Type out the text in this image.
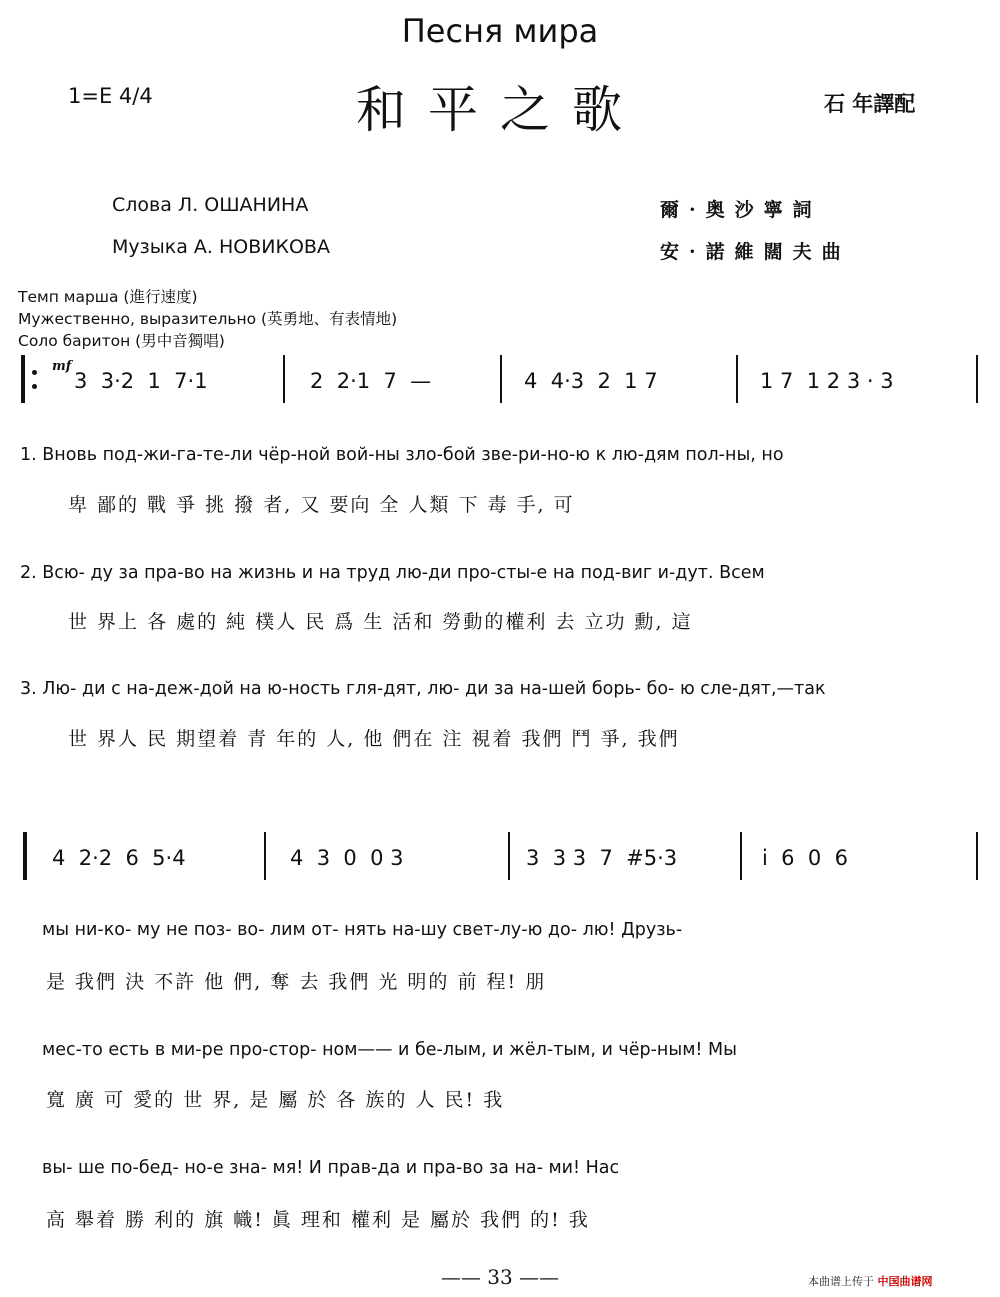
Песня мира
1=E 4/4	和平之歌	石 年譯配
Слова Л. ОШАНИНА
Музыка А. НОВИКОВА
爾·奥沙寧詞
安·諾維闊夫曲
Темп марша (進行速度)
Мужественно, выразительно (英勇地、有表情地)
Соло баритон (男中音獨唱)
mf
3  3·2  1  7·1	2  2·1  7  —	4  4·3  2  1 7	1 7  1 2 3 · 3
1. Вновь под-жи-га-те-ли чёр-ной вой-ны зло-бой зве-ри-но-ю к лю-дям пол-ны, но
卑 鄙的 戰 爭 挑 撥 者, 又 要向 全 人類 下 毒 手, 可
2. Всю- ду за пра-во на жизнь и на труд лю-ди про-сты-е на под-виг и-дут. Всем
世 界上 各 處的 純 樸人 民 爲 生 活和 勞動的權利 去 立功 勳, 這
3. Лю- ди с на-деж-дой на ю-ность гля-дят, лю- ди за на-шей борь- бо- ю сле-дят,—так
世 界人 民 期望着 青 年的 人, 他 們在 注 視着 我們 鬥 爭, 我們
4  2·2  6  5·4	4  3  0  0 3	3  3 3  7  #5·3	i  6  0  6
мы ни-ко- му не поз- во- лим от- нять на-шу свет-лу-ю до- лю! Друзь-
是 我們 決 不許 他 們, 奪 去 我們 光 明的 前 程! 朋
мес-то есть в ми-ре про-стор- ном—— и бе-лым, и жёл-тым, и чёр-ным! Мы
寬 廣 可 愛的 世 界, 是 屬 於 各 族的 人 民! 我
вы- ше по-бед- но-е зна- мя! И прав-да и пра-во за на- ми! Нас
高 舉着 勝 利的 旗 幟! 眞 理和 權利 是 屬於 我們 的! 我
—— 33 ——	本曲谱上传于 中国曲谱网
